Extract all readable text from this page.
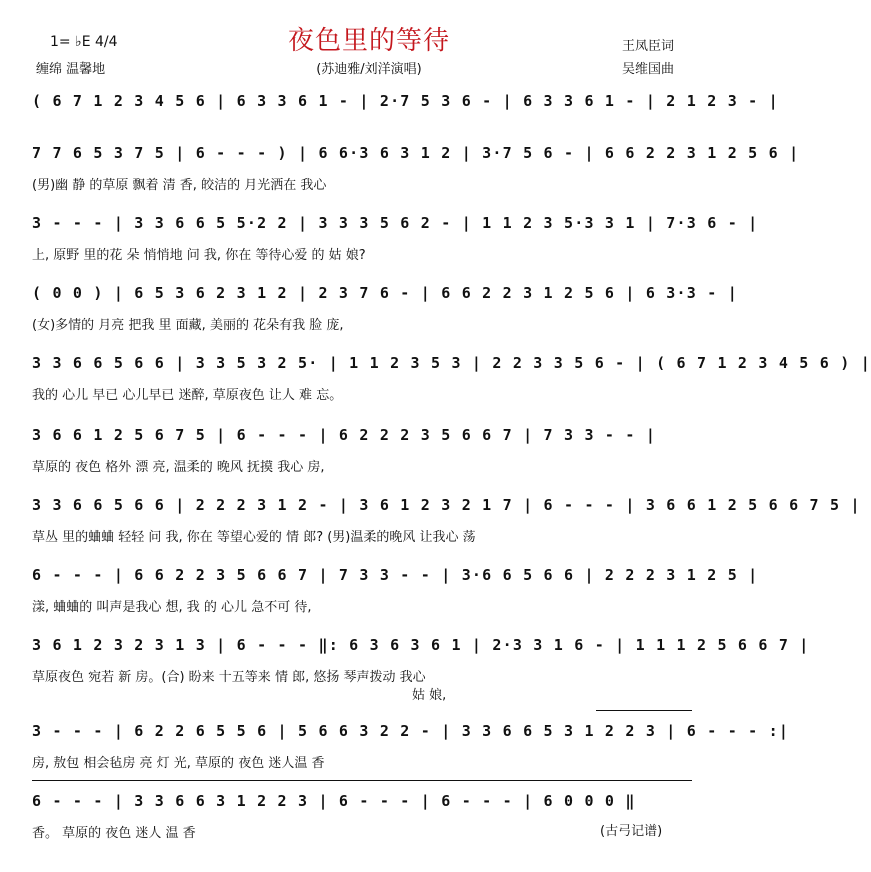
夜色里的等待
(苏迪雅/刘洋演唱)
1= ♭E 4/4
缠绵 温馨地
王凤臣词
吴维国曲
( 6 7 1 2 3 4 5 6 | 6 3 3 6 1 - | 2·7 5 3 6 - | 6 3 3 6 1 - | 2 1 2 3 - |
7 7 6 5 3 7 5 | 6 - - - ) | 6 6·3 6 3 1 2 | 3·7 5 6 - | 6 6 2 2 3 1 2 5 6 |
(男)幽 静 的草原 飘着 清 香, 皎洁的 月光洒在 我心
3 - - - | 3 3 6 6 5 5·2 2 | 3 3 3 5 6 2 - | 1 1 2 3 5·3 3 1 | 7·3 6 - |
上, 原野 里的花 朵 悄悄地 问 我, 你在 等待心爱 的 姑 娘?
( 0 0 ) | 6 5 3 6 2 3 1 2 | 2 3 7 6 - | 6 6 2 2 3 1 2 5 6 | 6 3·3 - |
(女)多情的 月亮 把我 里 面藏, 美丽的 花朵有我 脸 庞,
3 3 6 6 5 6 6 | 3 3 5 3 2 5· | 1 1 2 3 5 3 | 2 2 3 3 5 6 - | ( 6 7 1 2 3 4 5 6 ) |
我的 心儿 早已 心儿早已 迷醉, 草原夜色 让人 难 忘。
3 6 6 1 2 5 6 7 5 | 6 - - - | 6 2 2 2 3 5 6 6 7 | 7 3 3 - - |
草原的 夜色 格外 漂 亮, 温柔的 晚风 抚摸 我心 房,
3 3 6 6 5 6 6 | 2 2 2 3 1 2 - | 3 6 1 2 3 2 1 7 | 6 - - - | 3 6 6 1 2 5 6 6 7 5 |
草丛 里的蛐蛐 轻轻 问 我, 你在 等望心爱的 情 郎? (男)温柔的晚风 让我心 荡
6 - - - | 6 6 2 2 3 5 6 6 7 | 7 3 3 - - | 3·6 6 5 6 6 | 2 2 2 3 1 2 5 |
漾, 蛐蛐的 叫声是我心 想, 我 的 心儿 急不可 待,
3 6 1 2 3 2 3 1 3 | 6 - - - ‖: 6 3 6 3 6 1 | 2·3 3 1 6 - | 1 1 1 2 5 6 6 7 |
草原夜色 宛若 新 房。(合) 盼来 十五等来 情 郎, 悠扬 琴声拨动 我心
姑 娘,
3 - - - | 6 2 2 6 5 5 6 | 5 6 6 3 2 2 - | 3 3 6 6 5 3 1 2 2 3 | 6 - - - :|
房, 敖包 相会毡房 亮 灯 光, 草原的 夜色 迷人温 香
6 - - - | 3 3 6 6 3 1 2 2 3 | 6 - - - | 6 - - - | 6 0 0 0 ‖
香。 草原的 夜色 迷人 温 香	(古弓记谱)
